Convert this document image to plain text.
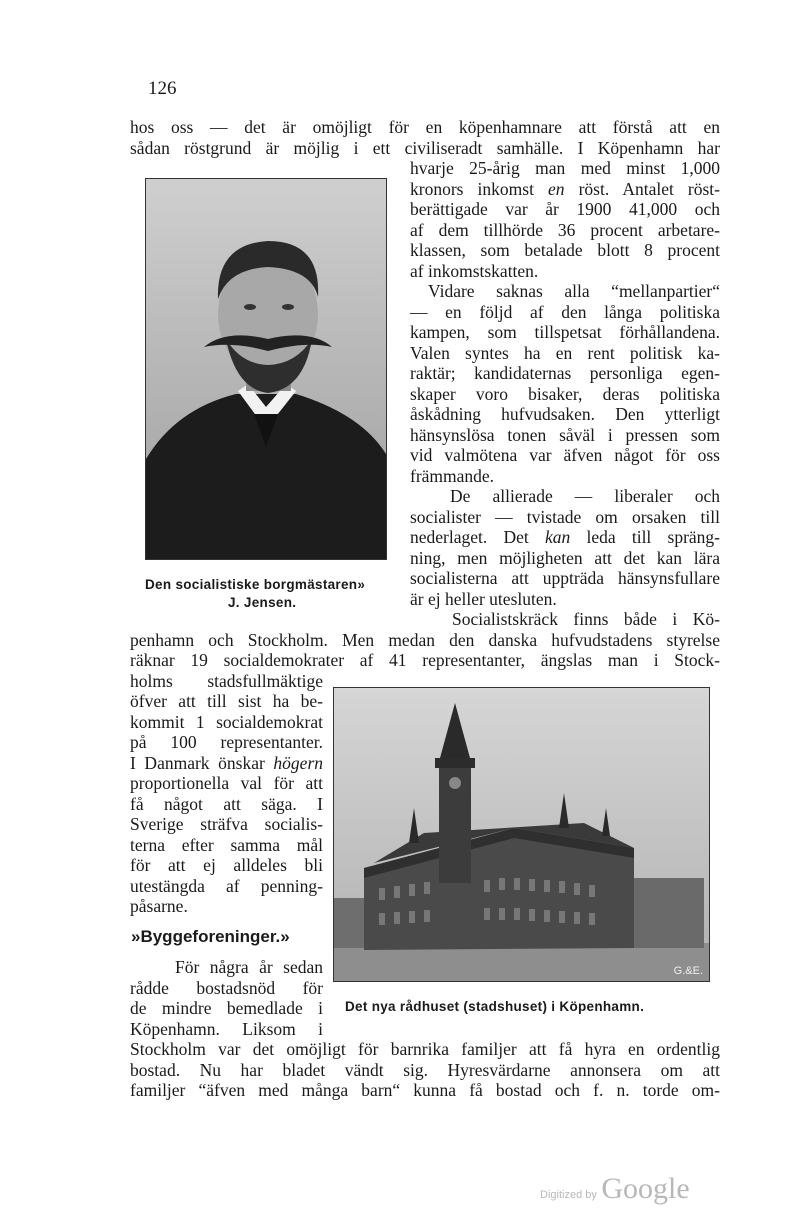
126
hos oss — det är omöjligt för en köpenhamnare att förstå att en
sådan röstgrund är möjlig i ett civiliseradt samhälle. I Köpenhamn har
hvarje 25-årig man med minst 1,000
kronors inkomst en röst. Antalet röst-
berättigade var år 1900 41,000 och
af dem tillhörde 36 procent arbetare-
klassen, som betalade blott 8 procent
af inkomstskatten.
Vidare saknas alla “mellanpartier“
— en följd af den långa politiska
kampen, som tillspetsat förhållandena.
Valen syntes ha en rent politisk ka-
raktär; kandidaternas personliga egen-
skaper voro bisaker, deras politiska
åskådning hufvudsaken. Den ytterligt
hänsynslösa tonen såväl i pressen som
vid valmötena var äfven något för oss
främmande.
De allierade — liberaler och
socialister — tvistade om orsaken till
nederlaget. Det kan leda till spräng-
ning, men möjligheten att det kan lära
socialisterna att uppträda hänsynsfullare
är ej heller utesluten.
Den socialistiske borgmästaren»
J. Jensen.
Socialistskräck finns både i Kö-
penhamn och Stockholm. Men medan den danska hufvudstadens styrelse
räknar 19 socialdemokrater af 41 representanter, ängslas man i Stock-
holms stadsfullmäktige
öfver att till sist ha be-
kommit 1 socialdemokrat
på 100 representanter.
I Danmark önskar högern
proportionella val för att
få något att säga. I
Sverige sträfva socialis-
terna efter samma mål
för att ej alldeles bli
utestängda af penning-
påsarne.
»Byggeforeninger.»
För några år sedan
rådde bostadsnöd för
de mindre bemedlade i
Köpenhamn. Liksom i
G.&E.
Det nya rådhuset (stadshuset) i Köpenhamn.
Stockholm var det omöjligt för barnrika familjer att få hyra en ordentlig
bostad. Nu har bladet vändt sig. Hyresvärdarne annonsera om att
familjer “äfven med många barn“ kunna få bostad och f. n. torde om-
Digitized by Google
